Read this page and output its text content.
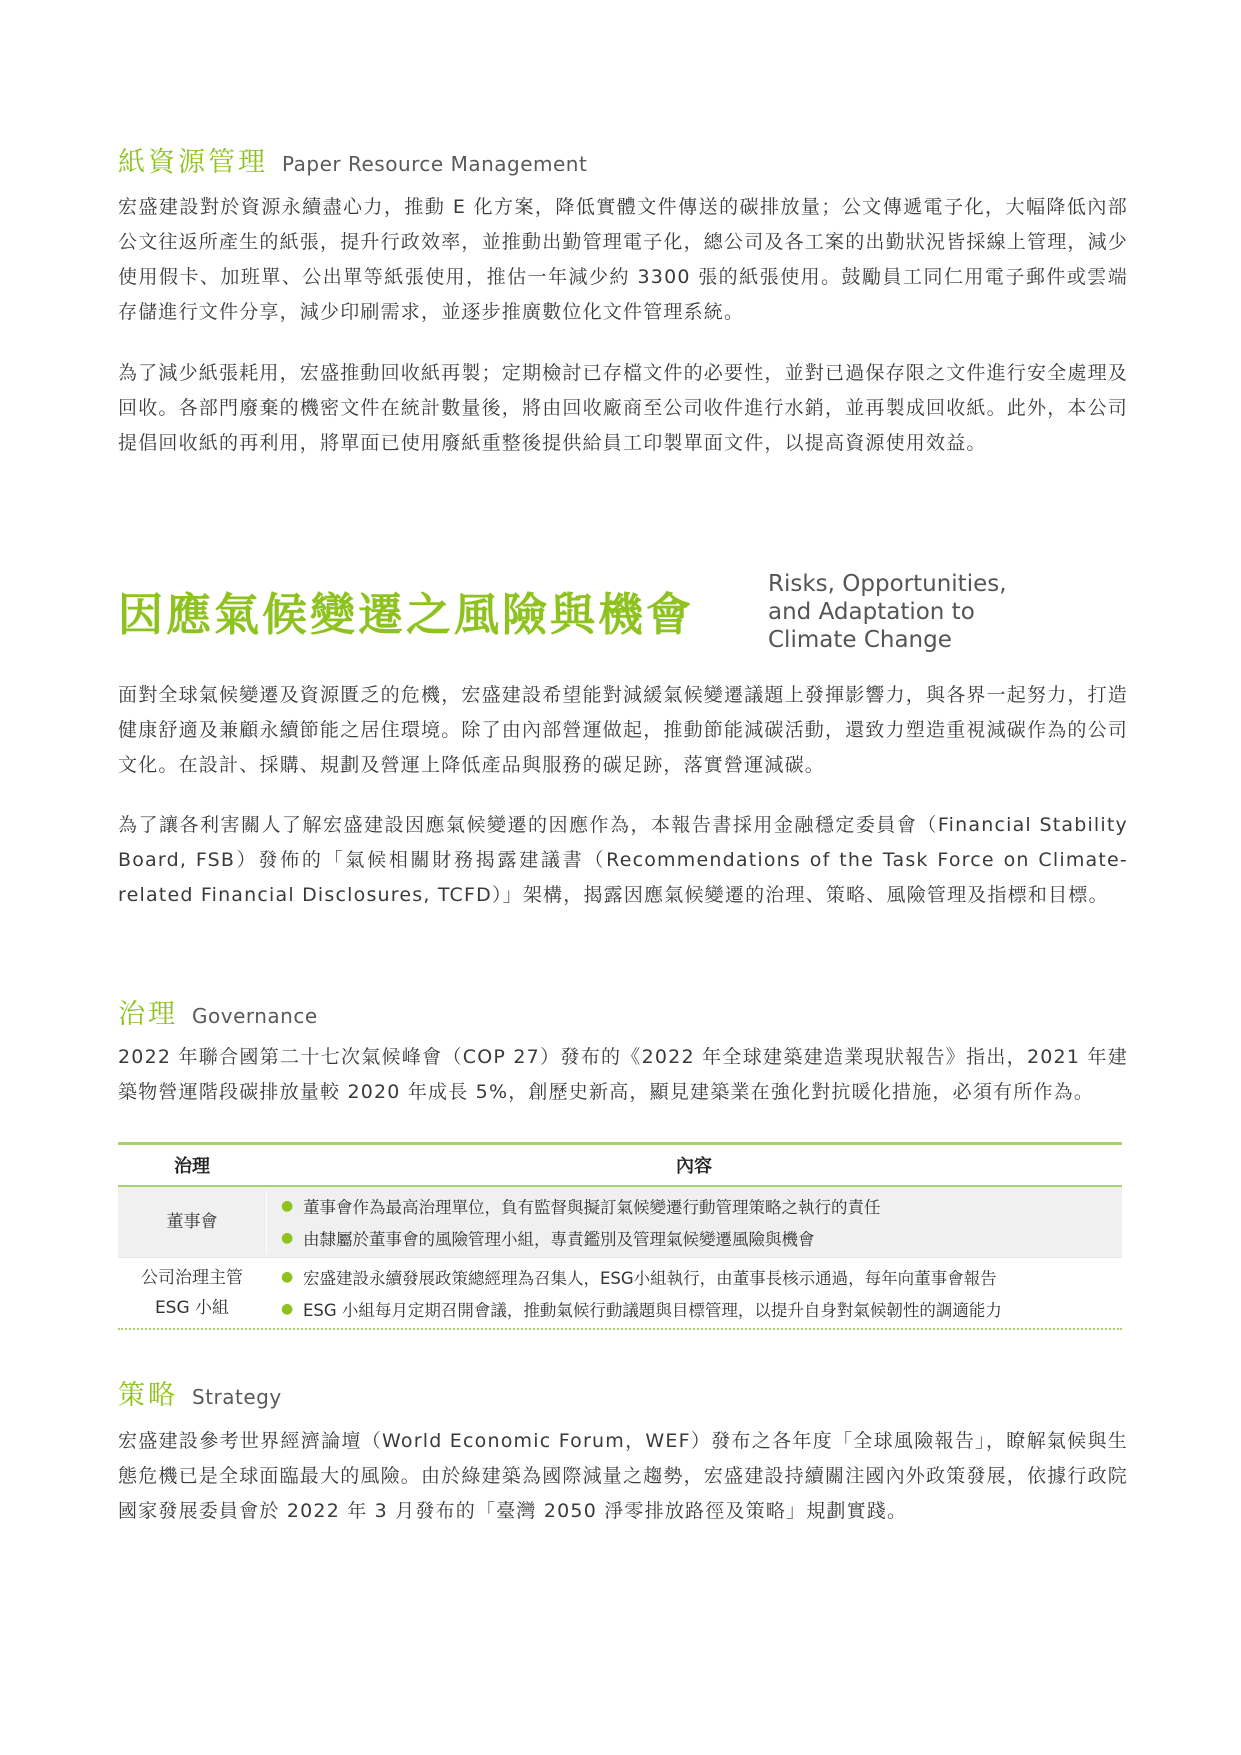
紙資源管理 Paper Resource Management

宏盛建設對於資源永續盡心力，推動 E 化方案，降低實體文件傳送的碳排放量；公文傳遞電子化，大幅降低內部公文往返所產生的紙張，提升行政效率，並推動出勤管理電子化，總公司及各工案的出勤狀況皆採線上管理，減少使用假卡、加班單、公出單等紙張使用，推估一年減少約 3300 張的紙張使用。鼓勵員工同仁用電子郵件或雲端存儲進行文件分享，減少印刷需求，並逐步推廣數位化文件管理系統。

為了減少紙張耗用，宏盛推動回收紙再製；定期檢討已存檔文件的必要性，並對已過保存限之文件進行安全處理及回收。各部門廢棄的機密文件在統計數量後，將由回收廠商至公司收件進行水銷，並再製成回收紙。此外，本公司提倡回收紙的再利用，將單面已使用廢紙重整後提供給員工印製單面文件，以提高資源使用效益。

因應氣候變遷之風險與機會
Risks, Opportunities,
and Adaptation to
Climate Change

面對全球氣候變遷及資源匱乏的危機，宏盛建設希望能對減緩氣候變遷議題上發揮影響力，與各界一起努力，打造健康舒適及兼顧永續節能之居住環境。除了由內部營運做起，推動節能減碳活動，還致力塑造重視減碳作為的公司文化。在設計、採購、規劃及營運上降低產品與服務的碳足跡，落實營運減碳。

為了讓各利害關人了解宏盛建設因應氣候變遷的因應作為，本報告書採用金融穩定委員會（Financial Stability Board, FSB）發佈的「氣候相關財務揭露建議書（Recommendations of the Task Force on Climate-related Financial Disclosures, TCFD）」架構，揭露因應氣候變遷的治理、策略、風險管理及指標和目標。

治理 Governance

2022 年聯合國第二十七次氣候峰會（COP 27）發布的《2022 年全球建築建造業現狀報告》指出，2021 年建築物營運階段碳排放量較 2020 年成長 5%，創歷史新高，顯見建築業在強化對抗暖化措施，必須有所作為。

治理	內容
董事會
● 董事會作為最高治理單位，負有監督與擬訂氣候變遷行動管理策略之執行的責任
● 由隸屬於董事會的風險管理小組，專責鑑別及管理氣候變遷風險與機會
公司治理主管
ESG 小組
● 宏盛建設永續發展政策總經理為召集人，ESG小組執行，由董事長核示通過，每年向董事會報告
● ESG 小組每月定期召開會議，推動氣候行動議題與目標管理，以提升自身對氣候韌性的調適能力
策略 Strategy

宏盛建設參考世界經濟論壇（World Economic Forum，WEF）發布之各年度「全球風險報告」，瞭解氣候與生態危機已是全球面臨最大的風險。由於綠建築為國際減量之趨勢，宏盛建設持續關注國內外政策發展，依據行政院國家發展委員會於 2022 年 3 月發布的「臺灣 2050 淨零排放路徑及策略」規劃實踐。
